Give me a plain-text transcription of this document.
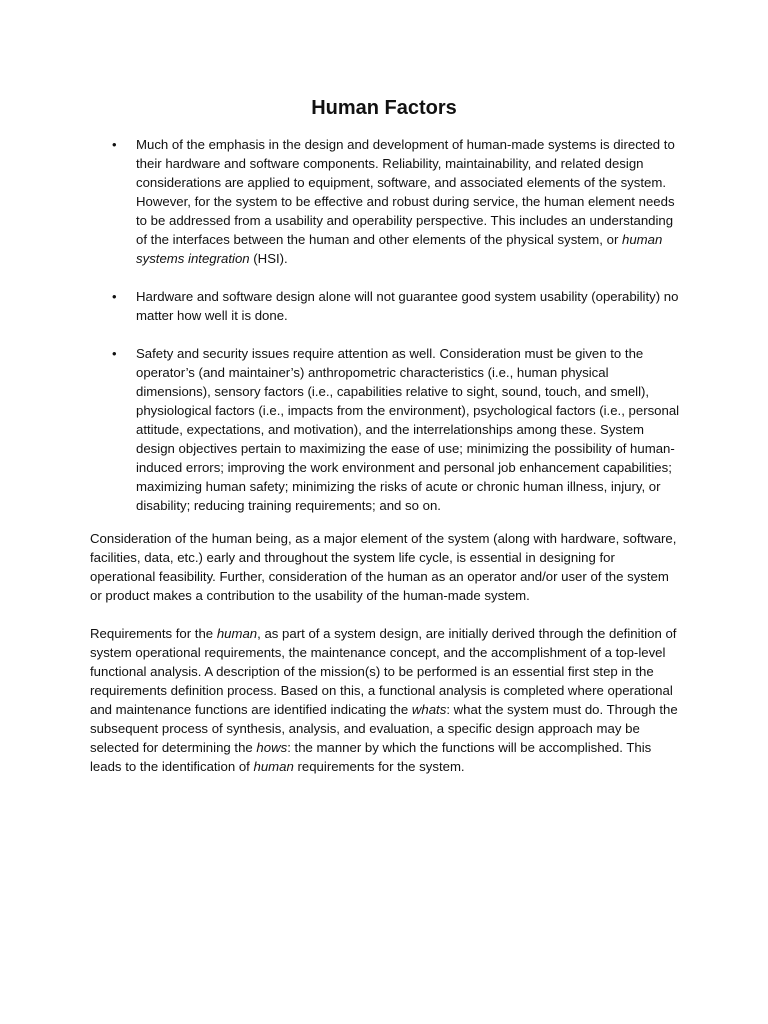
Human Factors
• Much of the emphasis in the design and development of human-made systems is directed to their hardware and software components. Reliability, maintainability, and related design considerations are applied to equipment, software, and associated elements of the system. However, for the system to be effective and robust during service, the human element needs to be addressed from a usability and operability perspective. This includes an understanding of the interfaces between the human and other elements of the physical system, or human systems integration (HSI).
• Hardware and software design alone will not guarantee good system usability (operability) no matter how well it is done.
• Safety and security issues require attention as well. Consideration must be given to the operator’s (and maintainer’s) anthropometric characteristics (i.e., human physical dimensions), sensory factors (i.e., capabilities relative to sight, sound, touch, and smell), physiological factors (i.e., impacts from the environment), psychological factors (i.e., personal attitude, expectations, and motivation), and the interrelationships among these. System design objectives pertain to maximizing the ease of use; minimizing the possibility of human-induced errors; improving the work environment and personal job enhancement capabilities; maximizing human safety; minimizing the risks of acute or chronic human illness, injury, or disability; reducing training requirements; and so on.

Consideration of the human being, as a major element of the system (along with hardware, software, facilities, data, etc.) early and throughout the system life cycle, is essential in designing for operational feasibility. Further, consideration of the human as an operator and/or user of the system or product makes a contribution to the usability of the human-made system.

Requirements for the human, as part of a system design, are initially derived through the definition of system operational requirements, the maintenance concept, and the accomplishment of a top-level functional analysis. A description of the mission(s) to be performed is an essential first step in the requirements definition process. Based on this, a functional analysis is completed where operational and maintenance functions are identified indicating the whats: what the system must do. Through the subsequent process of synthesis, analysis, and evaluation, a specific design approach may be selected for determining the hows: the manner by which the functions will be accomplished. This leads to the identification of human requirements for the system.
